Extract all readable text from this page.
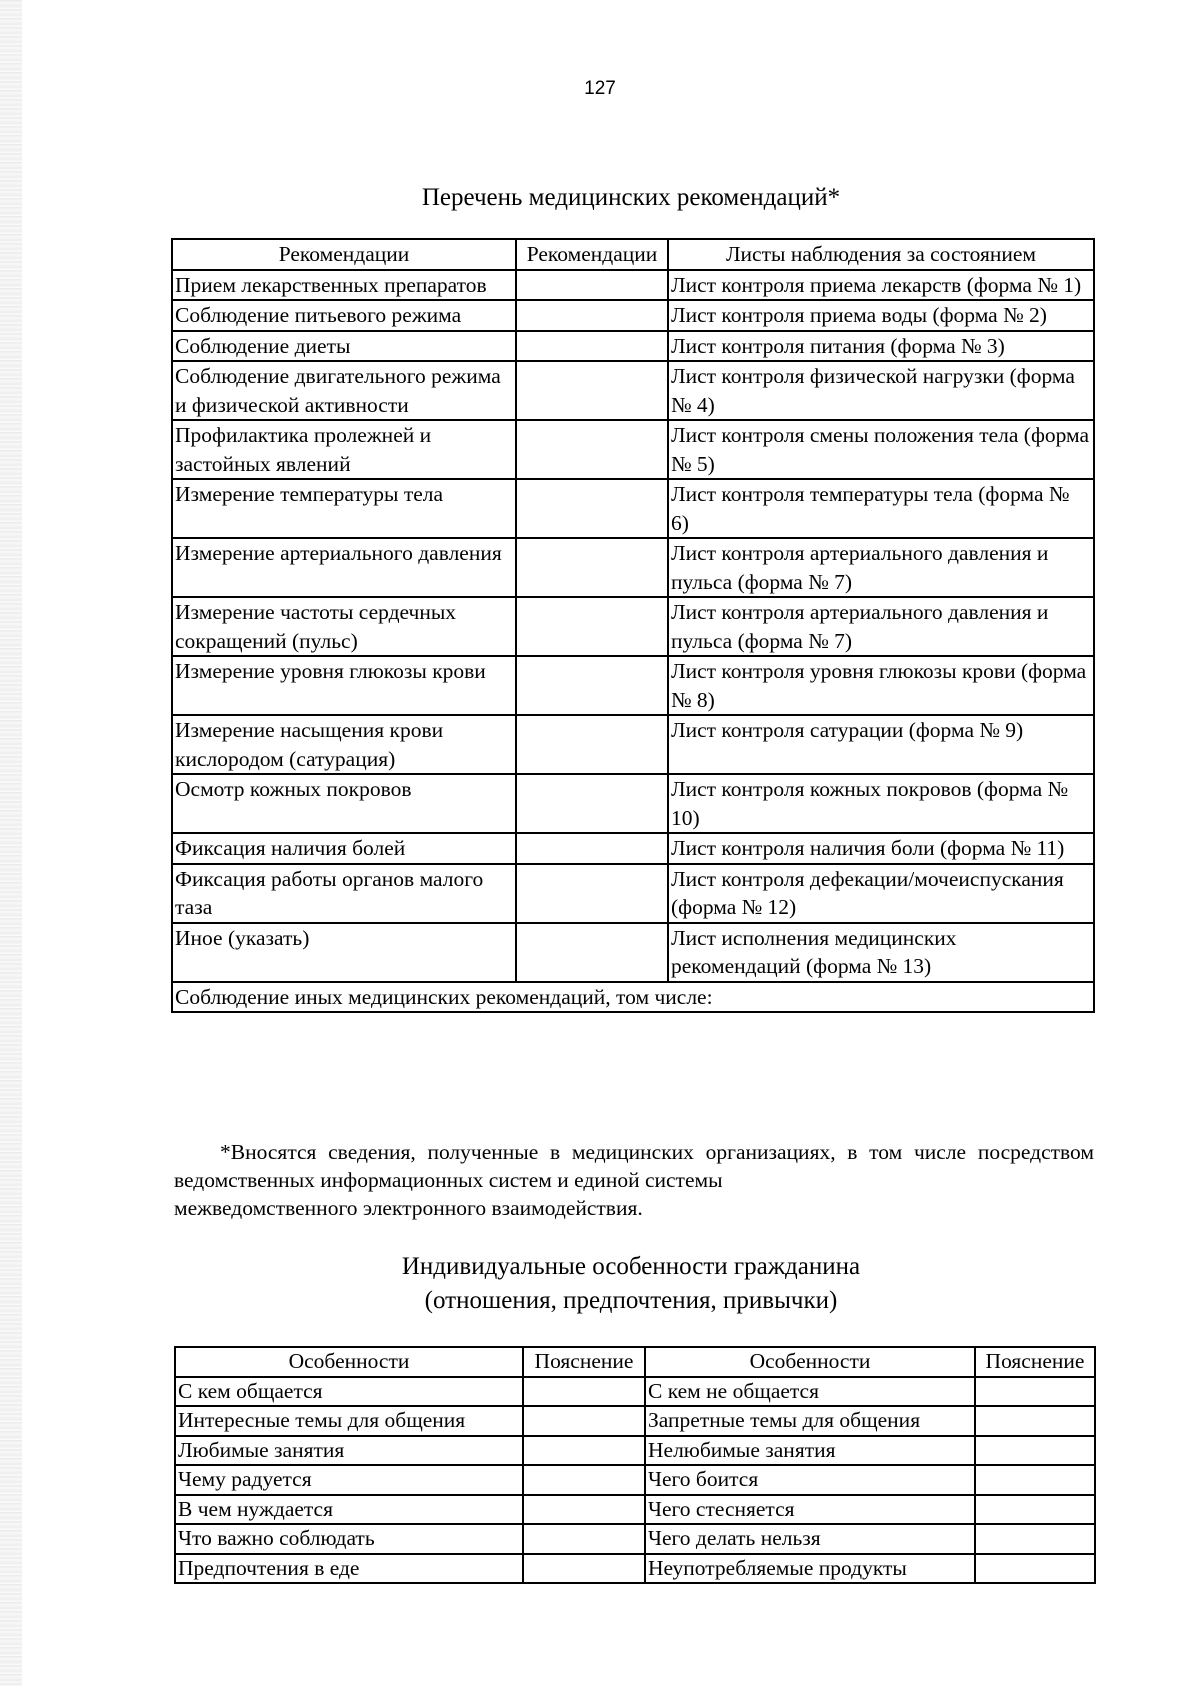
127
Перечень медицинских рекомендаций*
Рекомендации	Рекомендации	Листы наблюдения за состоянием
Прием лекарственных препаратов		Лист контроля приема лекарств (форма № 1)
Соблюдение питьевого режима		Лист контроля приема воды (форма № 2)
Соблюдение диеты		Лист контроля питания (форма № 3)
Соблюдение двигательного режима и физической активности		Лист контроля физической нагрузки (форма № 4)
Профилактика пролежней и застойных явлений		Лист контроля смены положения тела (форма № 5)
Измерение температуры тела		Лист контроля температуры тела (форма № 6)
Измерение артериального давления		Лист контроля артериального давления и пульса (форма № 7)
Измерение частоты сердечных сокращений (пульс)		Лист контроля артериального давления и пульса (форма № 7)
Измерение уровня глюкозы крови		Лист контроля уровня глюкозы крови (форма № 8)
Измерение насыщения крови кислородом (сатурация)		Лист контроля сатурации (форма № 9)
Осмотр кожных покровов		Лист контроля кожных покровов (форма № 10)
Фиксация наличия болей		Лист контроля наличия боли (форма № 11)
Фиксация работы органов малого таза		Лист контроля дефекации/мочеиспускания (форма № 12)
Иное (указать)		Лист исполнения медицинских рекомендаций (форма № 13)
Соблюдение иных медицинских рекомендаций, том числе:		
*Вносятся сведения, полученные в медицинских организациях, в том числе посредством ведомственных информационных систем и единой системы
межведомственного электронного взаимодействия.
Индивидуальные особенности гражданина
(отношения, предпочтения, привычки)
Особенности	Пояснение	Особенности	Пояснение
С кем общается		С кем не общается	
Интересные темы для общения		Запретные темы для общения	
Любимые занятия		Нелюбимые занятия	
Чему радуется		Чего боится	
В чем нуждается		Чего стесняется	
Что важно соблюдать		Чего делать нельзя	
Предпочтения в еде		Неупотребляемые продукты	
